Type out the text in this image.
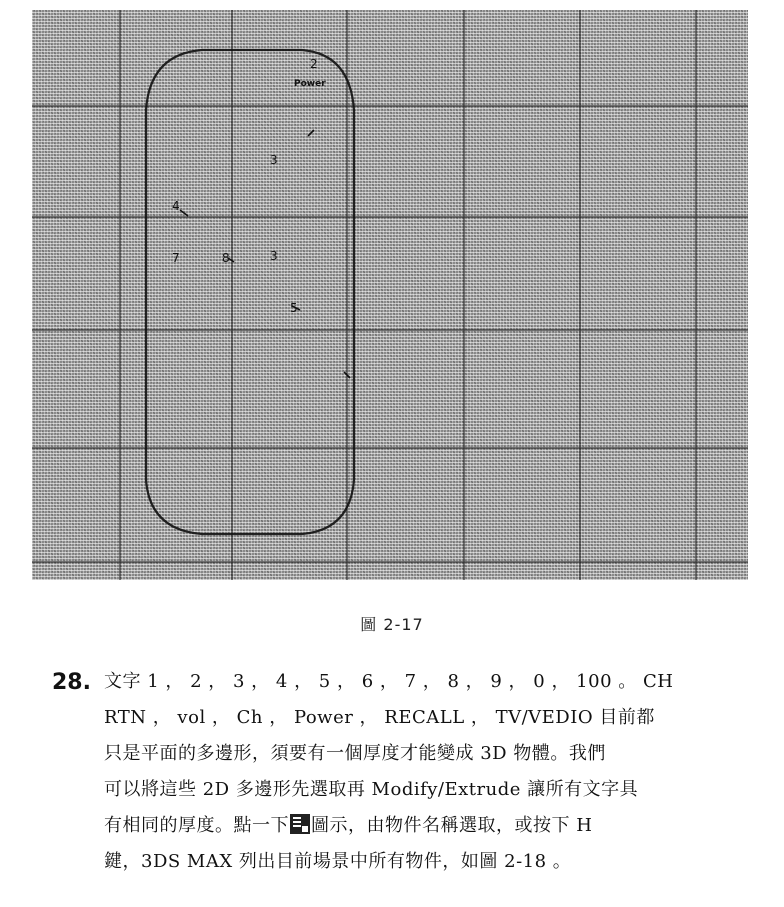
Power
3
7	3
4
8
5
2
圖 2-17
28. 文字 1 ， 2 ， 3 ， 4 ， 5 ， 6 ， 7 ， 8 ， 9 ， 0 ， 100 。 CH
RTN ， vol ， Ch ， Power ， RECALL ， TV/VEDIO 目前都
只是平面的多邊形，須要有一個厚度才能變成 3D 物體。我們
可以將這些 2D 多邊形先選取再 Modify/Extrude 讓所有文字具
有相同的厚度。點一下 圖示，由物件名稱選取，或按下 H
鍵，3DS MAX 列出目前場景中所有物件，如圖 2-18 。
